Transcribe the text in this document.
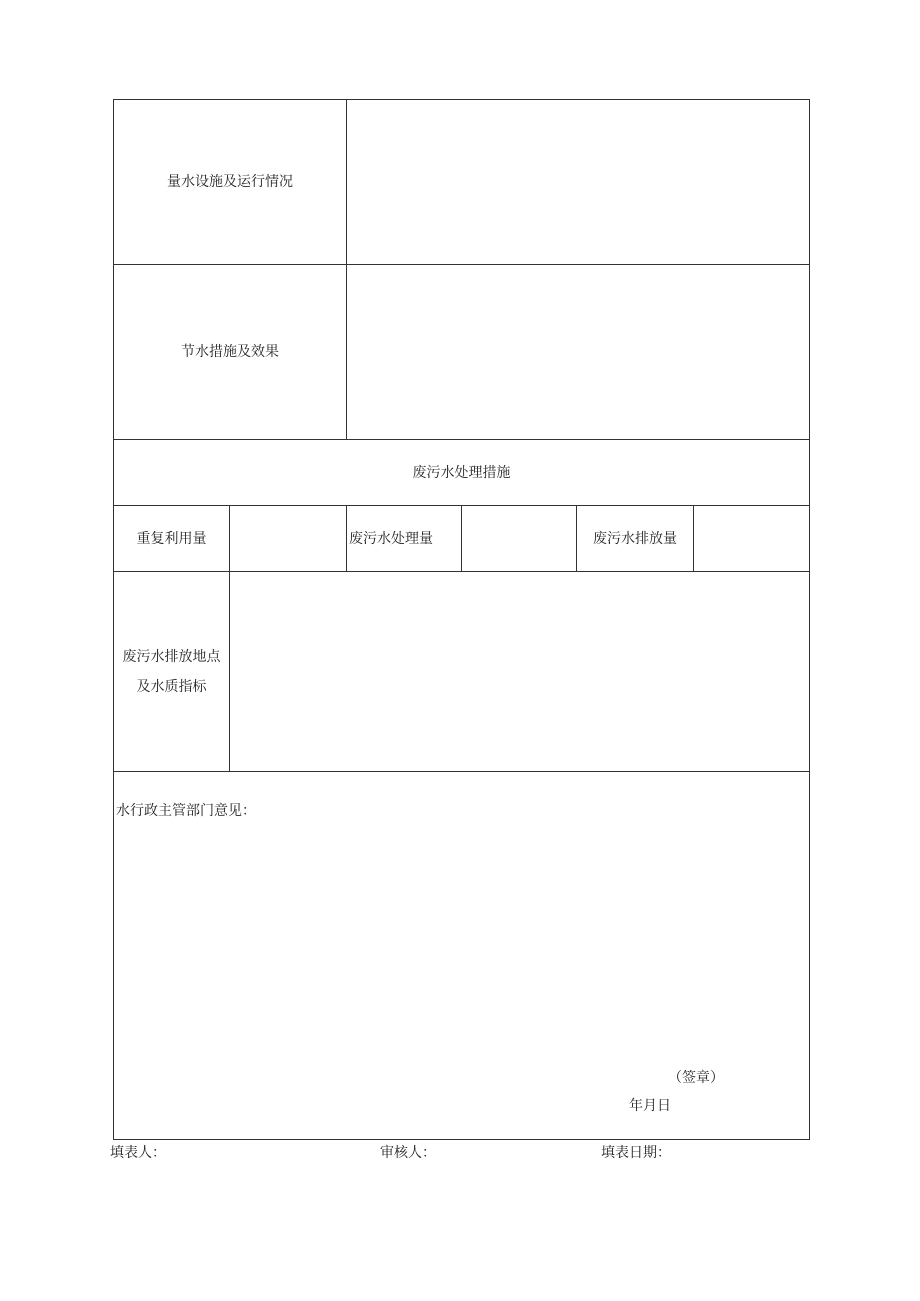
量水设施及运行情况
节水措施及效果
废污水处理措施
重复利用量	废污水处理量	废污水排放量
废污水排放地点
及水质指标
水行政主管部门意见：
（签章）
年月日
填表人：	审核人：	填表日期：
